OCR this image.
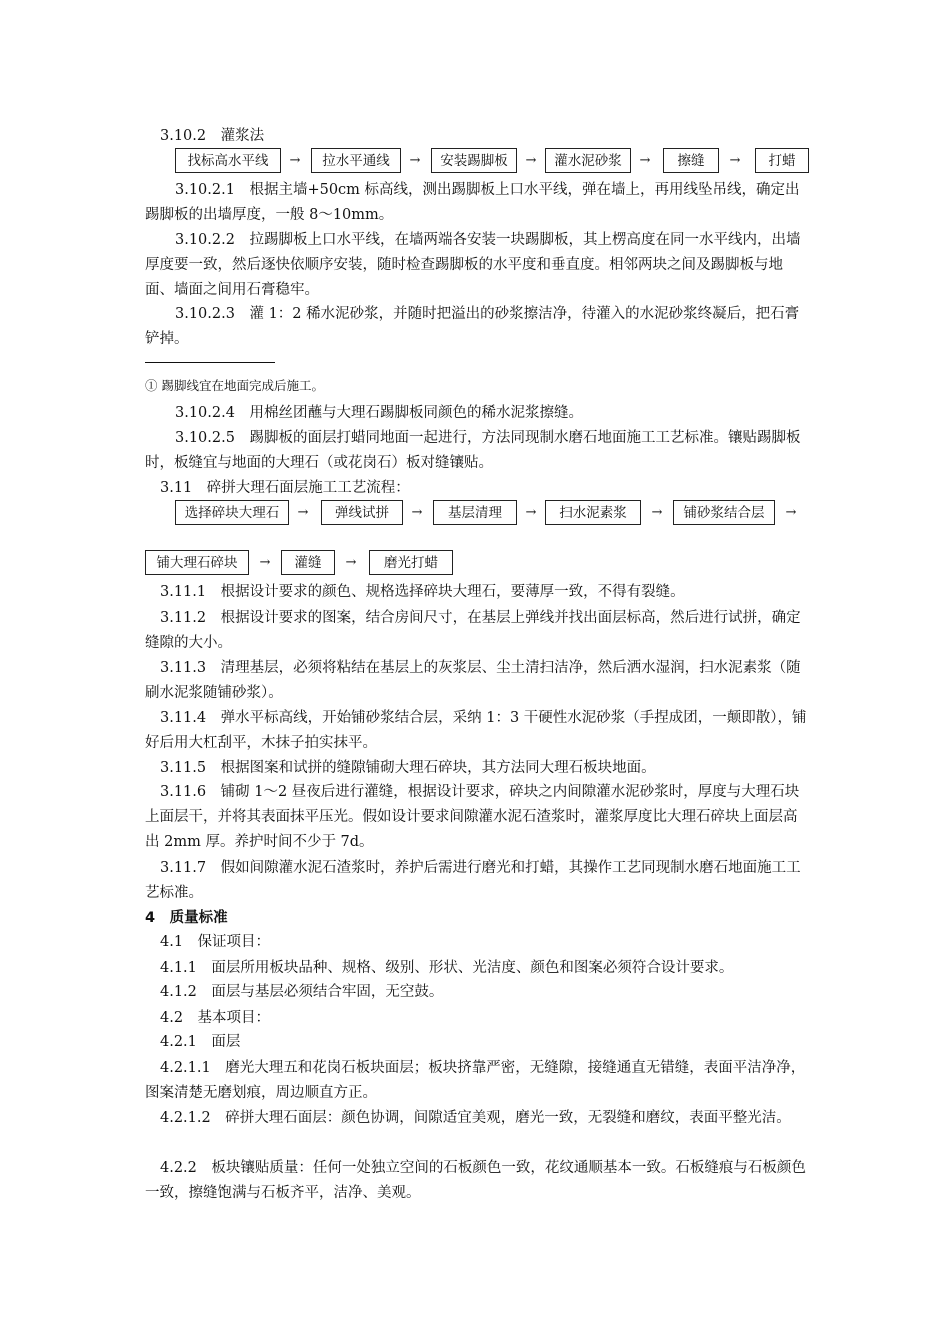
3.10.2　灌浆法

找标高水平线	→	拉水平通线	→	安装踢脚板	→	灌水泥砂浆	→	擦缝	→	打蜡

3.10.2.1　根据主墙+50cm 标高线，测出踢脚板上口水平线，弹在墙上，再用线坠吊线，确定出踢脚板的出墙厚度，一般 8～10mm。

3.10.2.2　拉踢脚板上口水平线，在墙两端各安装一块踢脚板，其上楞高度在同一水平线内，出墙厚度要一致，然后逐快依顺序安装，随时检查踢脚板的水平度和垂直度。相邻两块之间及踢脚板与地面、墙面之间用石膏稳牢。

3.10.2.3　灌 1：2 稀水泥砂浆，并随时把溢出的砂浆擦洁净，待灌入的水泥砂浆终凝后，把石膏铲掉。

① 踢脚线宜在地面完成后施工。

3.10.2.4　用棉丝团蘸与大理石踢脚板同颜色的稀水泥浆擦缝。

3.10.2.5　踢脚板的面层打蜡同地面一起进行，方法同现制水磨石地面施工工艺标准。镶贴踢脚板时，板缝宜与地面的大理石（或花岗石）板对缝镶贴。

3.11　碎拼大理石面层施工工艺流程：

选择碎块大理石	→	弹线试拼	→	基层清理	→	扫水泥素浆	→	铺砂浆结合层	→
铺大理石碎块	→	灌缝	→	磨光打蜡

3.11.1　根据设计要求的颜色、规格选择碎块大理石，要薄厚一致，不得有裂缝。

3.11.2　根据设计要求的图案，结合房间尺寸，在基层上弹线并找出面层标高，然后进行试拼，确定缝隙的大小。

3.11.3　清理基层，必须将粘结在基层上的灰浆层、尘土清扫洁净，然后洒水湿润，扫水泥素浆（随刷水泥浆随铺砂浆）。

3.11.4　弹水平标高线，开始铺砂浆结合层，采纳 1：3 干硬性水泥砂浆（手捏成团，一颠即散），铺好后用大杠刮平，木抹子拍实抹平。

3.11.5　根据图案和试拼的缝隙铺砌大理石碎块，其方法同大理石板块地面。

3.11.6　铺砌 1～2 昼夜后进行灌缝，根据设计要求，碎块之内间隙灌水泥砂浆时，厚度与大理石块上面层干，并将其表面抹平压光。假如设计要求间隙灌水泥石渣浆时，灌浆厚度比大理石碎块上面层高出 2mm 厚。养护时间不少于 7d。

3.11.7　假如间隙灌水泥石渣浆时，养护后需进行磨光和打蜡，其操作工艺同现制水磨石地面施工工艺标准。

4　质量标准

4.1　保证项目：

4.1.1　面层所用板块品种、规格、级别、形状、光洁度、颜色和图案必须符合设计要求。

4.1.2　面层与基层必须结合牢固，无空鼓。

4.2　基本项目：

4.2.1　面层

4.2.1.1　磨光大理五和花岗石板块面层；板块挤靠严密，无缝隙，接缝通直无错缝，表面平洁净净，图案清楚无磨划痕，周边顺直方正。

4.2.1.2　碎拼大理石面层：颜色协调，间隙适宜美观，磨光一致，无裂缝和磨纹，表面平整光洁。

4.2.2　板块镶贴质量：任何一处独立空间的石板颜色一致，花纹通顺基本一致。石板缝痕与石板颜色一致，擦缝饱满与石板齐平，洁净、美观。
